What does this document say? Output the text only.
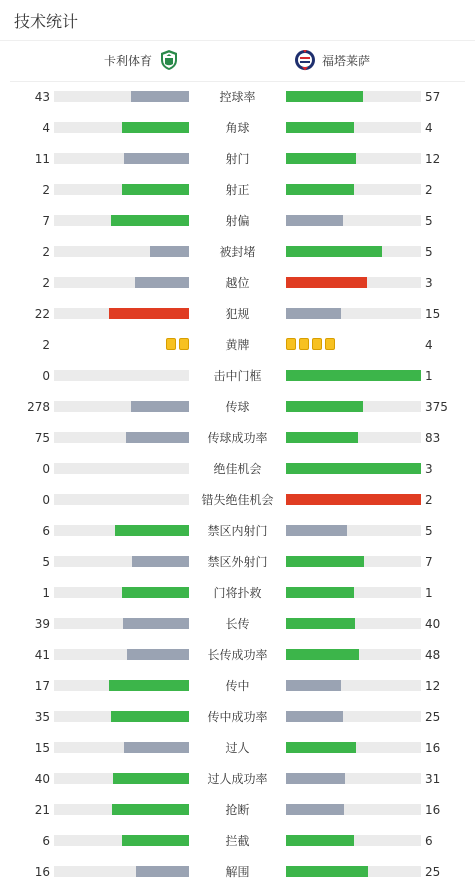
技术统计
卡利体育	福塔莱萨
43	控球率	57
4	角球	4
11	射门	12
2	射正	2
7	射偏	5
2	被封堵	5
2	越位	3
22	犯规	15
2	黄牌	4
0	击中门框	1
278	传球	375
75	传球成功率	83
0	绝佳机会	3
0	错失绝佳机会	2
6	禁区内射门	5
5	禁区外射门	7
1	门将扑救	1
39	长传	40
41	长传成功率	48
17	传中	12
35	传中成功率	25
15	过人	16
40	过人成功率	31
21	抢断	16
6	拦截	6
16	解围	25
